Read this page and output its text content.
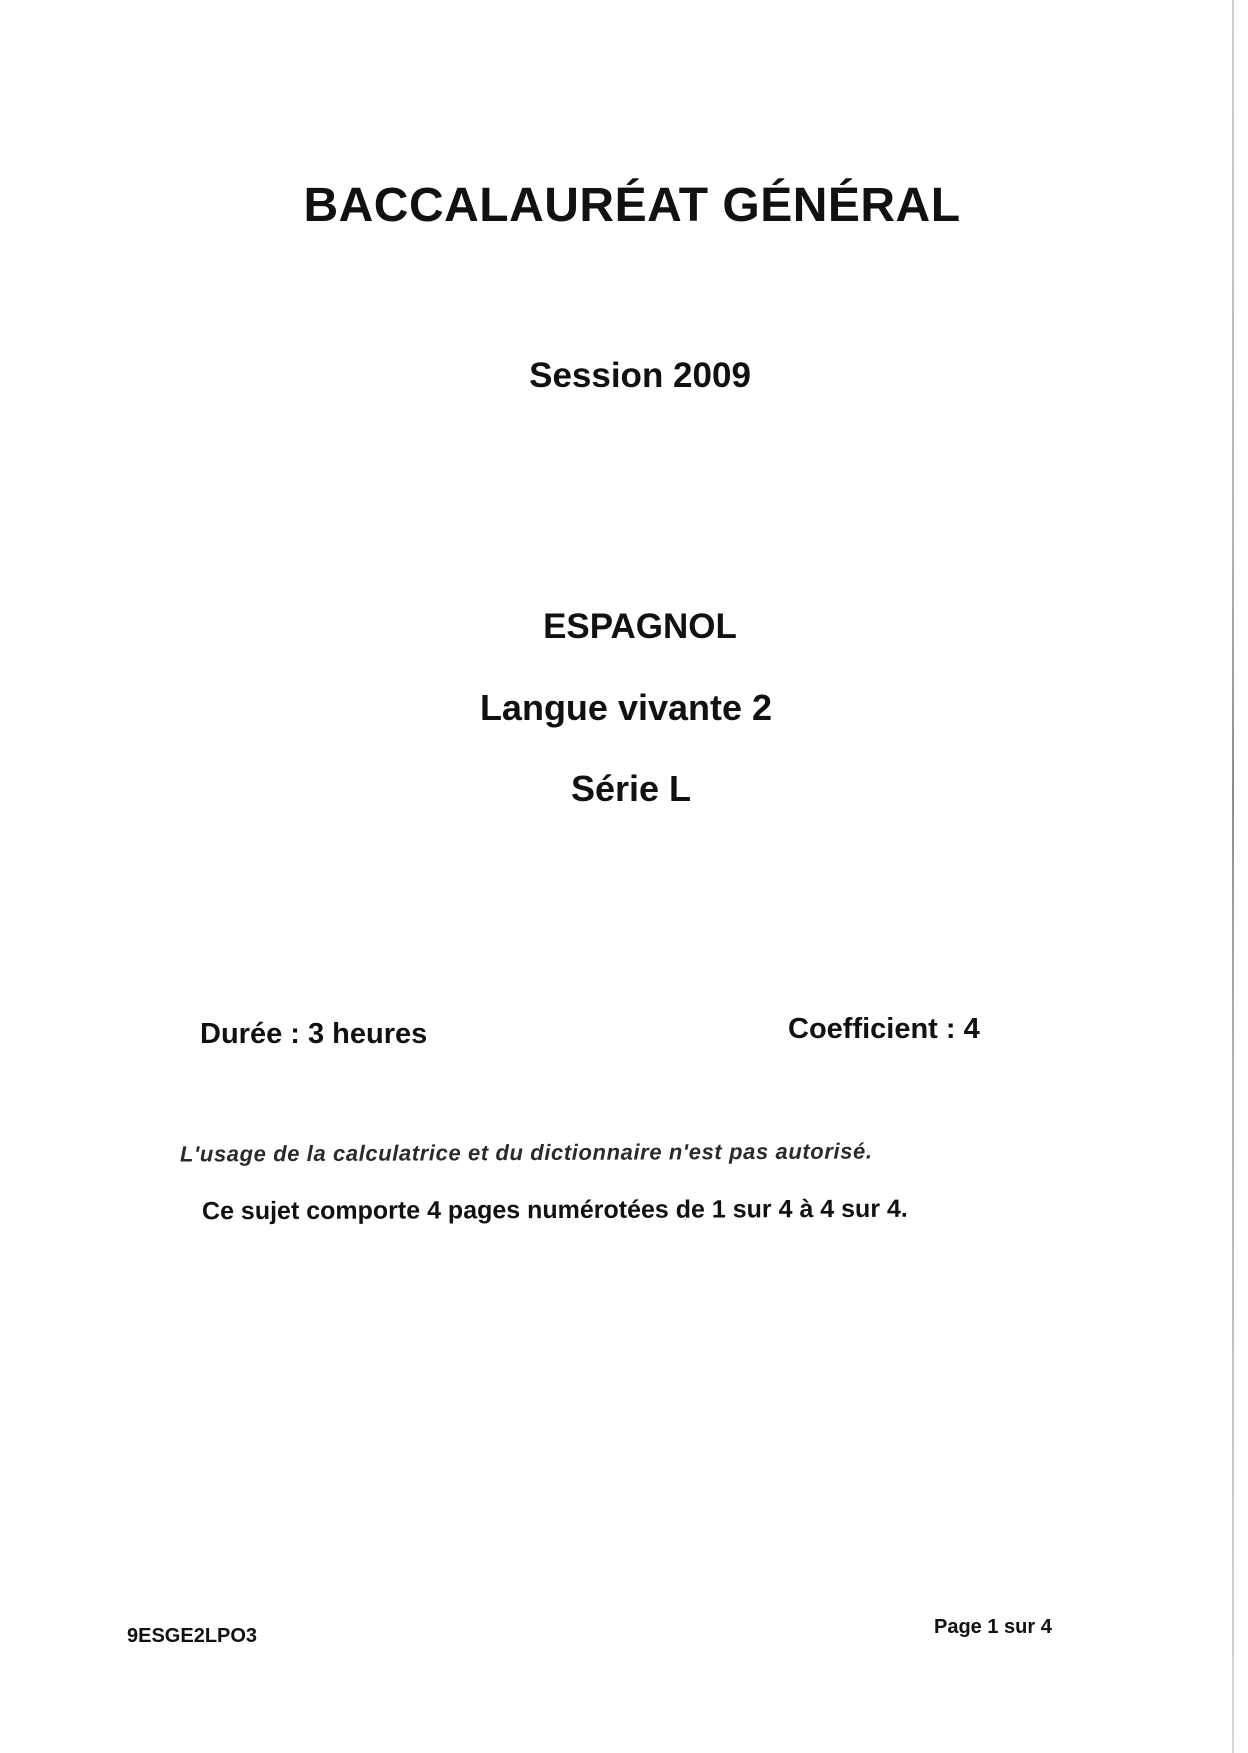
BACCALAURÉAT GÉNÉRAL
Session 2009
ESPAGNOL
Langue vivante 2
Série L
Durée : 3 heures	Coefficient : 4
L'usage de la calculatrice et du dictionnaire n'est pas autorisé.
Ce sujet comporte 4 pages numérotées de 1 sur 4 à 4 sur 4.
9ESGE2LPO3	Page 1 sur 4
